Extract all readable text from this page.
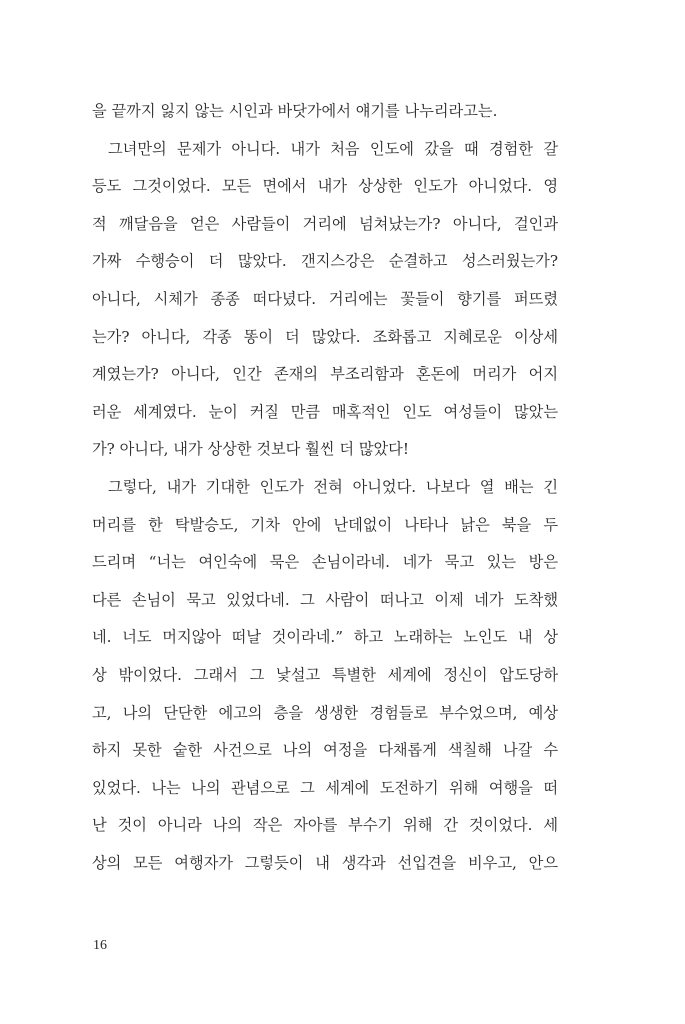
을 끝까지 잃지 않는 시인과 바닷가에서 얘기를 나누리라고는.
그녀만의 문제가 아니다. 내가 처음 인도에 갔을 때 경험한 갈
등도 그것이었다. 모든 면에서 내가 상상한 인도가 아니었다. 영
적 깨달음을 얻은 사람들이 거리에 넘쳐났는가? 아니다, 걸인과
가짜 수행승이 더 많았다. 갠지스강은 순결하고 성스러웠는가?
아니다, 시체가 종종 떠다녔다. 거리에는 꽃들이 향기를 퍼뜨렸
는가? 아니다, 각종 똥이 더 많았다. 조화롭고 지혜로운 이상세
계였는가? 아니다, 인간 존재의 부조리함과 혼돈에 머리가 어지
러운 세계였다. 눈이 커질 만큼 매혹적인 인도 여성들이 많았는
가? 아니다, 내가 상상한 것보다 훨씬 더 많았다!
그렇다, 내가 기대한 인도가 전혀 아니었다. 나보다 열 배는 긴
머리를 한 탁발승도, 기차 안에 난데없이 나타나 낡은 북을 두
드리며 “너는 여인숙에 묵은 손님이라네. 네가 묵고 있는 방은
다른 손님이 묵고 있었다네. 그 사람이 떠나고 이제 네가 도착했
네. 너도 머지않아 떠날 것이라네.” 하고 노래하는 노인도 내 상
상 밖이었다. 그래서 그 낯설고 특별한 세계에 정신이 압도당하
고, 나의 단단한 에고의 층을 생생한 경험들로 부수었으며, 예상
하지 못한 숱한 사건으로 나의 여정을 다채롭게 색칠해 나갈 수
있었다. 나는 나의 관념으로 그 세계에 도전하기 위해 여행을 떠
난 것이 아니라 나의 작은 자아를 부수기 위해 간 것이었다. 세
상의 모든 여행자가 그렇듯이 내 생각과 선입견을 비우고, 안으
16
